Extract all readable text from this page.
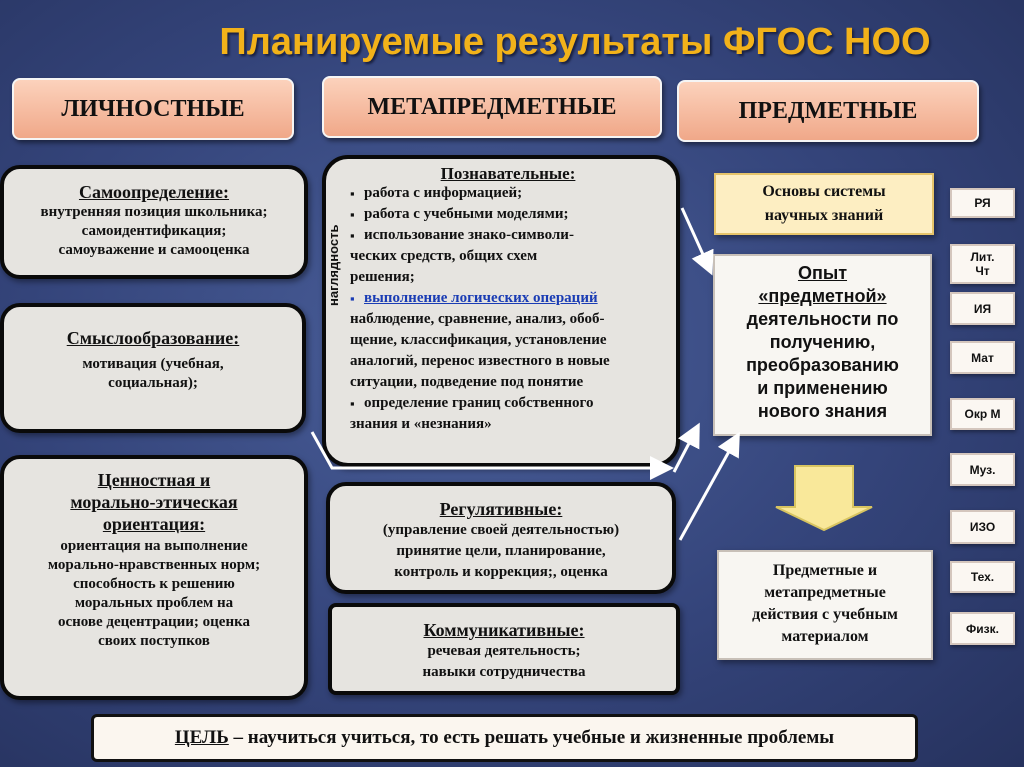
Планируемые результаты ФГОС НОО
ЛИЧНОСТНЫЕ	МЕТАПРЕДМЕТНЫЕ	ПРЕДМЕТНЫЕ
Самоопределение:
внутренняя позиция школьника;
самоидентификация;
самоуважение и самооценка
Смыслообразование:
мотивация (учебная,
социальная);
Ценностная и
морально-этическая
ориентация:
ориентация на выполнение
морально-нравственных норм;
способность к решению
моральных проблем на
основе децентрации; оценка
своих поступков
Познавательные:
▪ работа с информацией;
▪ работа с учебными моделями;
▪ использование знако-символи-
ческих средств, общих схем
решения;
▪ выполнение логических операций
наблюдение, сравнение, анализ, обоб-
щение, классификация, установление
аналогий, перенос известного в новые
ситуации, подведение под понятие
▪ определение границ собственного
знания и «незнания»
наглядность
Регулятивные:
(управление своей деятельностью)
принятие цели, планирование,
контроль и коррекция;, оценка
Коммуникативные:
речевая деятельность;
навыки сотрудничества
Основы системы
научных знаний
Опыт
«предметной»
деятельности по
получению,
преобразованию
и применению
нового знания
Предметные и
метапредметные
действия с учебным
материалом
РЯ
Лит.
Чт
ИЯ
Мат
Окр М
Муз.
ИЗО
Тех.
Физк.
ЦЕЛЬ – научиться учиться, то есть решать учебные и жизненные проблемы
